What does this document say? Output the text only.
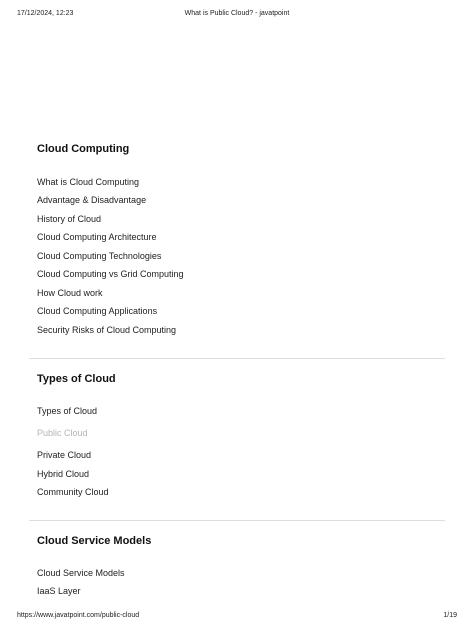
17/12/2024, 12:23	What is Public Cloud? - javatpoint
Cloud Computing
What is Cloud Computing
Advantage & Disadvantage
History of Cloud
Cloud Computing Architecture
Cloud Computing Technologies
Cloud Computing vs Grid Computing
How Cloud work
Cloud Computing Applications
Security Risks of Cloud Computing
Types of Cloud
Types of Cloud
Public Cloud
Private Cloud
Hybrid Cloud
Community Cloud
Cloud Service Models
Cloud Service Models
IaaS Layer
https://www.javatpoint.com/public-cloud	1/19
